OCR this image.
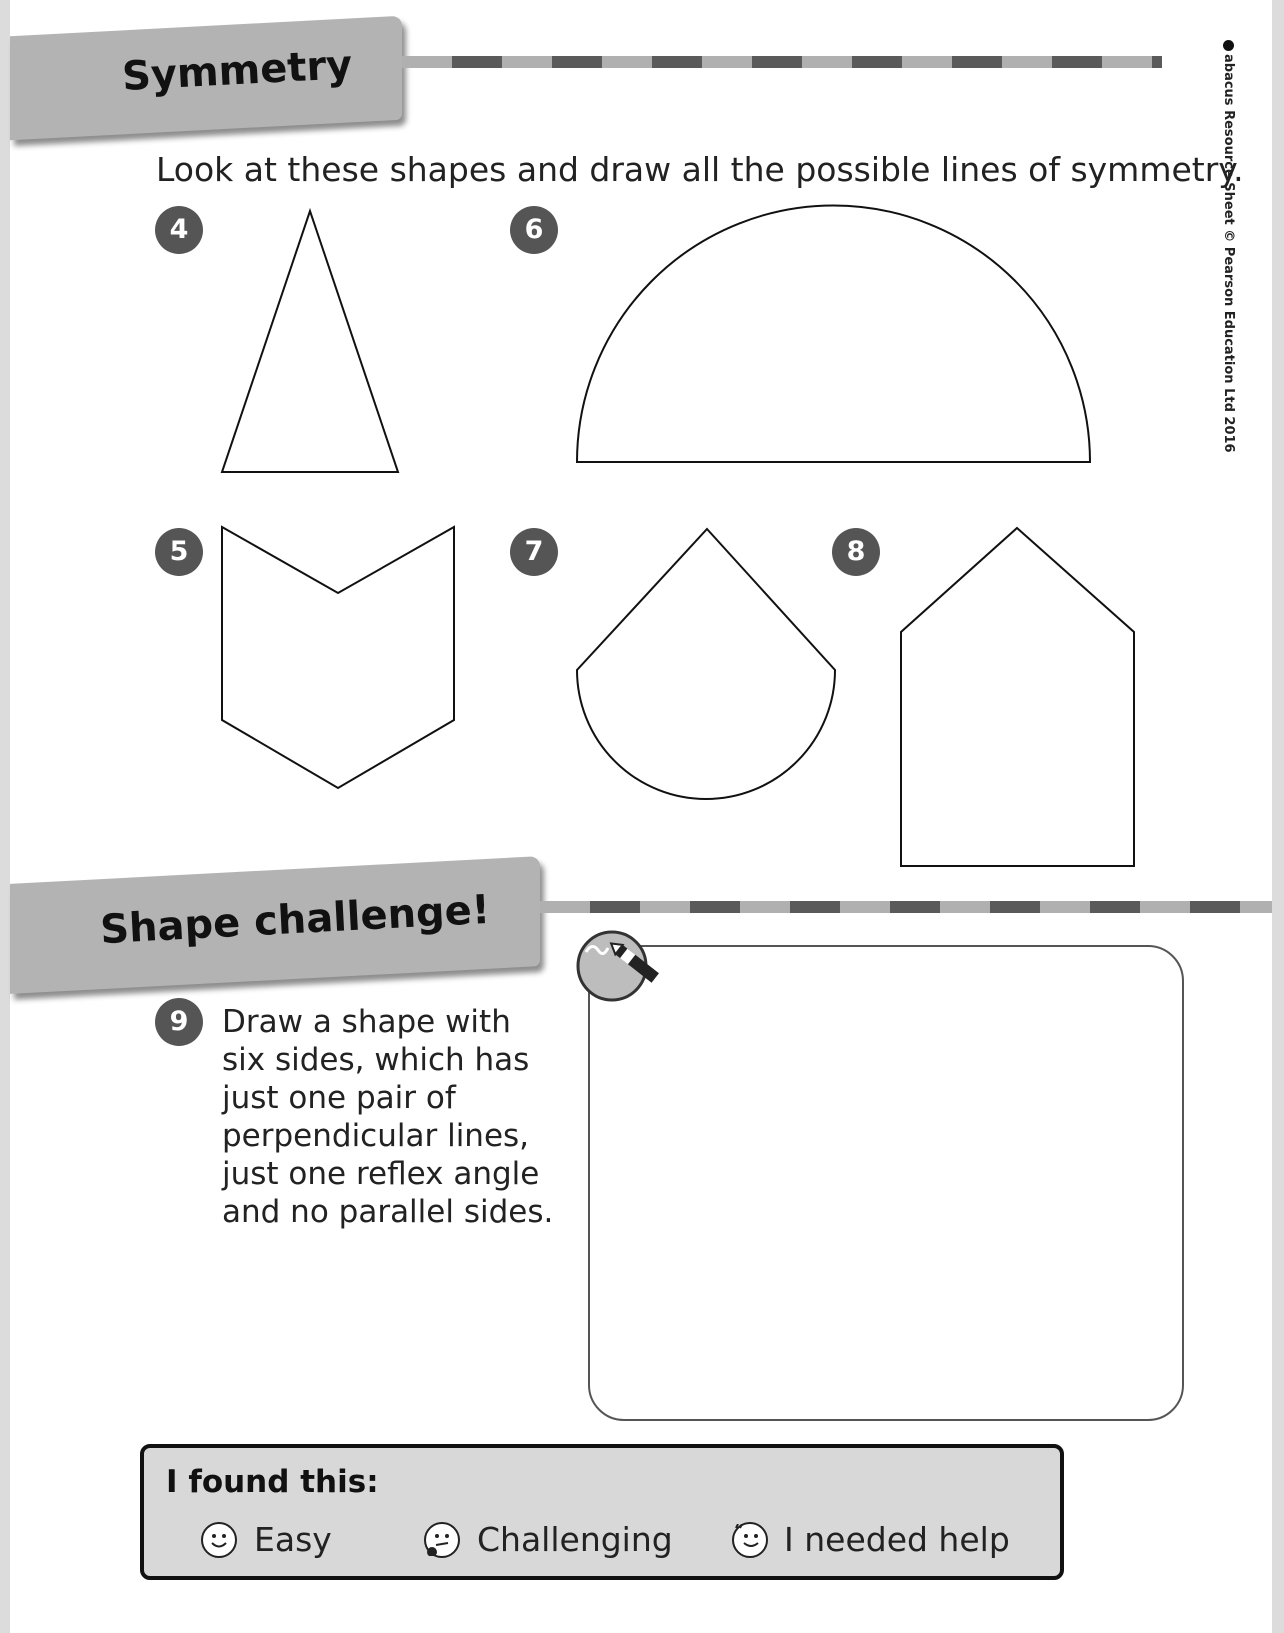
abacus Resource Sheet © Pearson Education Ltd 2016
Symmetry
Look at these shapes and draw all the possible lines of symmetry.
4	6
5	7	8
Shape challenge!
9	Draw a shape with
six sides, which has
just one pair of
perpendicular lines,
just one reflex angle
and no parallel sides.
I found this:
Easy	Challenging	I needed help
